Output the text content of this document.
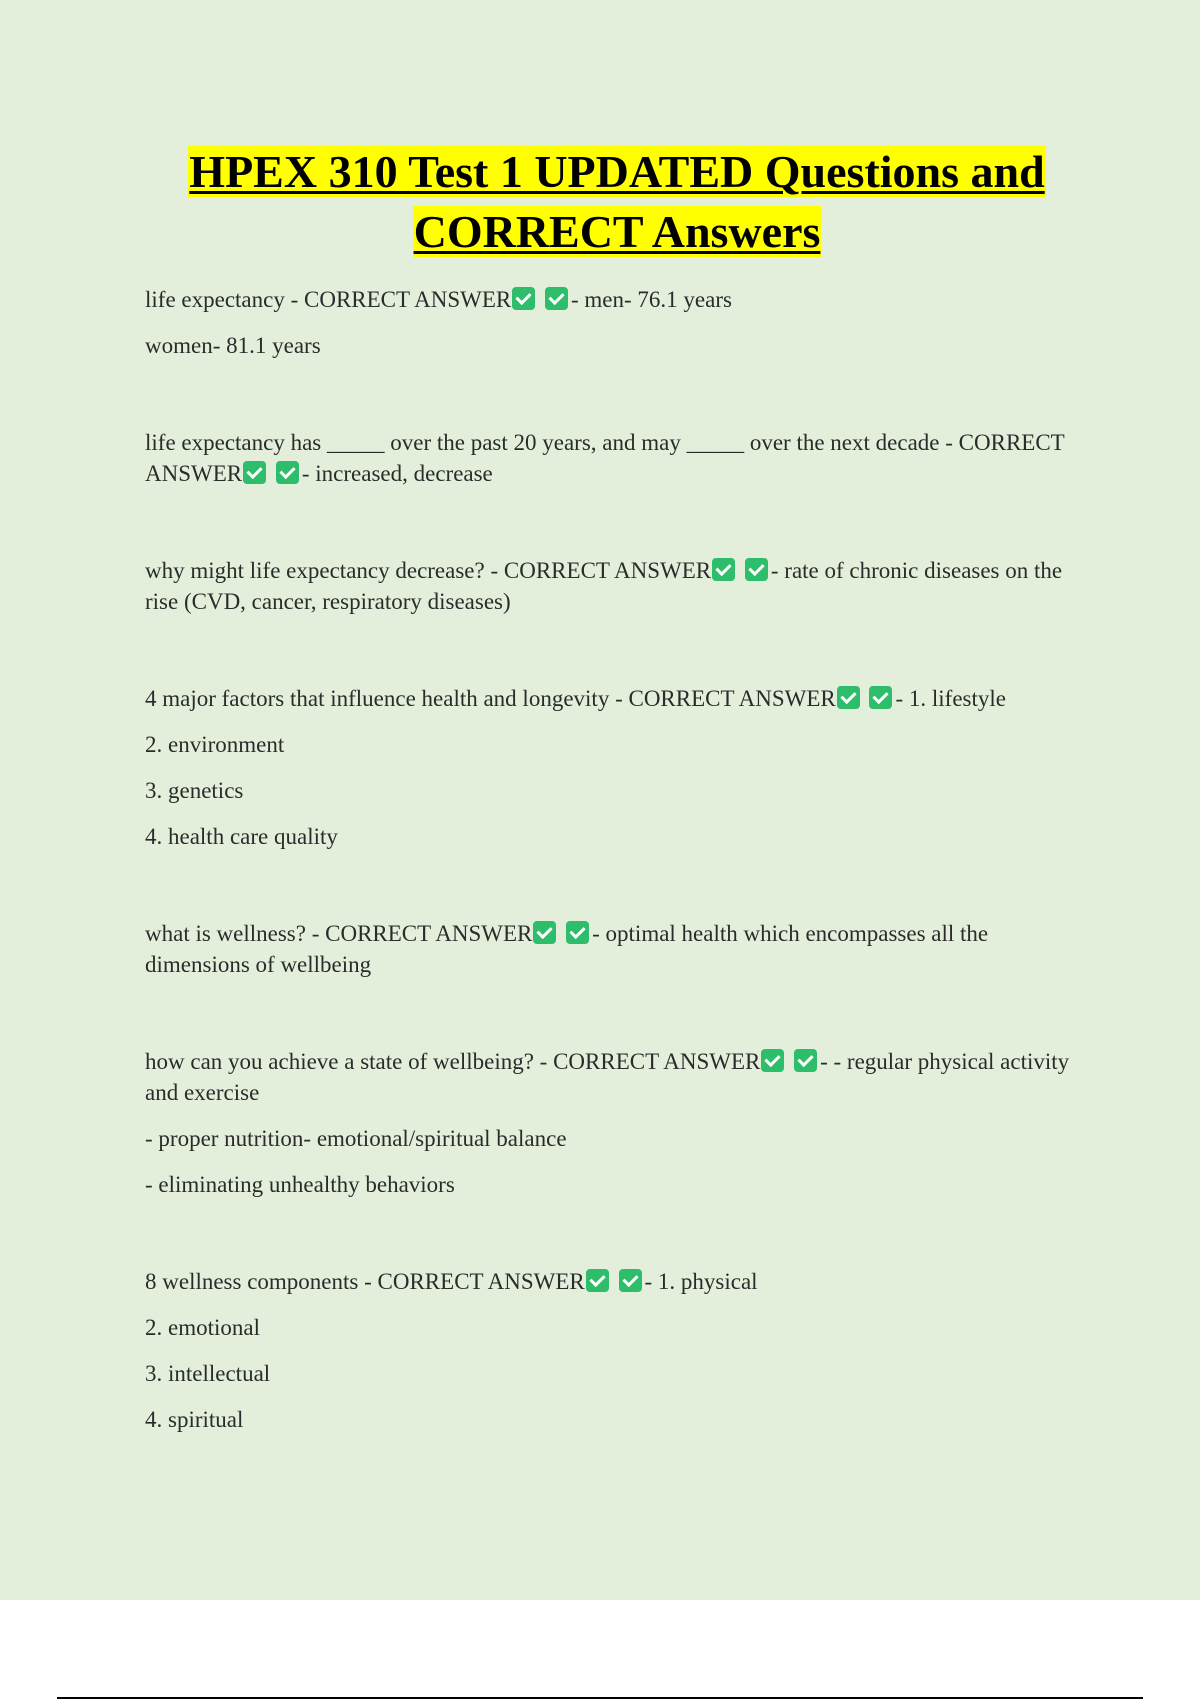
HPEX 310 Test 1 UPDATED Questions and
CORRECT Answers

life expectancy - CORRECT ANSWER	- men- 76.1 years

women- 81.1 years

life expectancy has _____ over the past 20 years, and may _____ over the next decade - CORRECT ANSWER	- increased, decrease

why might life expectancy decrease? - CORRECT ANSWER	- rate of chronic diseases on the rise (CVD, cancer, respiratory diseases)

4 major factors that influence health and longevity - CORRECT ANSWER	- 1. lifestyle

2. environment

3. genetics

4. health care quality

what is wellness? - CORRECT ANSWER	- optimal health which encompasses all the dimensions of wellbeing

how can you achieve a state of wellbeing? - CORRECT ANSWER	- - regular physical activity and exercise

- proper nutrition- emotional/spiritual balance

- eliminating unhealthy behaviors

8 wellness components - CORRECT ANSWER	- 1. physical

2. emotional

3. intellectual

4. spiritual
